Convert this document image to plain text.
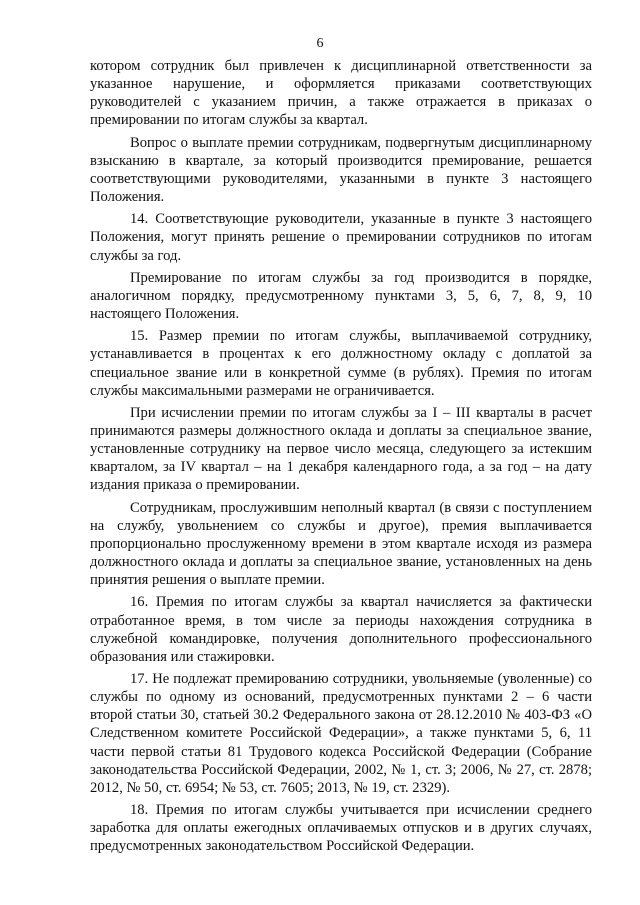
6

котором сотрудник был привлечен к дисциплинарной ответственности за указанное нарушение, и оформляется приказами соответствующих руководителей с указанием причин, а также отражается в приказах о премировании по итогам службы за квартал.

Вопрос о выплате премии сотрудникам, подвергнутым дисциплинарному взысканию в квартале, за который производится премирование, решается соответствующими руководителями, указанными в пункте 3 настоящего Положения.

14. Соответствующие руководители, указанные в пункте 3 настоящего Положения, могут принять решение о премировании сотрудников по итогам службы за год.

Премирование по итогам службы за год производится в порядке, аналогичном порядку, предусмотренному пунктами 3, 5, 6, 7, 8, 9, 10 настоящего Положения.

15. Размер премии по итогам службы, выплачиваемой сотруднику, устанавливается в процентах к его должностному окладу с доплатой за специальное звание или в конкретной сумме (в рублях). Премия по итогам службы максимальными размерами не ограничивается.

При исчислении премии по итогам службы за I – III кварталы в расчет принимаются размеры должностного оклада и доплаты за специальное звание, установленные сотруднику на первое число месяца, следующего за истекшим кварталом, за IV квартал – на 1 декабря календарного года, а за год – на дату издания приказа о премировании.

Сотрудникам, прослужившим неполный квартал (в связи с поступлением на службу, увольнением со службы и другое), премия выплачивается пропорционально прослуженному времени в этом квартале исходя из размера должностного оклада и доплаты за специальное звание, установленных на день принятия решения о выплате премии.

16. Премия по итогам службы за квартал начисляется за фактически отработанное время, в том числе за периоды нахождения сотрудника в служебной командировке, получения дополнительного профессионального образования или стажировки.

17. Не подлежат премированию сотрудники, увольняемые (уволенные) со службы по одному из оснований, предусмотренных пунктами 2 – 6 части второй статьи 30, статьей 30.2 Федерального закона от 28.12.2010 № 403-ФЗ «О Следственном комитете Российской Федерации», а также пунктами 5, 6, 11 части первой статьи 81 Трудового кодекса Российской Федерации (Собрание законодательства Российской Федерации, 2002, № 1, ст. 3; 2006, № 27, ст. 2878; 2012, № 50, ст. 6954; № 53, ст. 7605; 2013, № 19, ст. 2329).

18. Премия по итогам службы учитывается при исчислении среднего заработка для оплаты ежегодных оплачиваемых отпусков и в других случаях, предусмотренных законодательством Российской Федерации.
